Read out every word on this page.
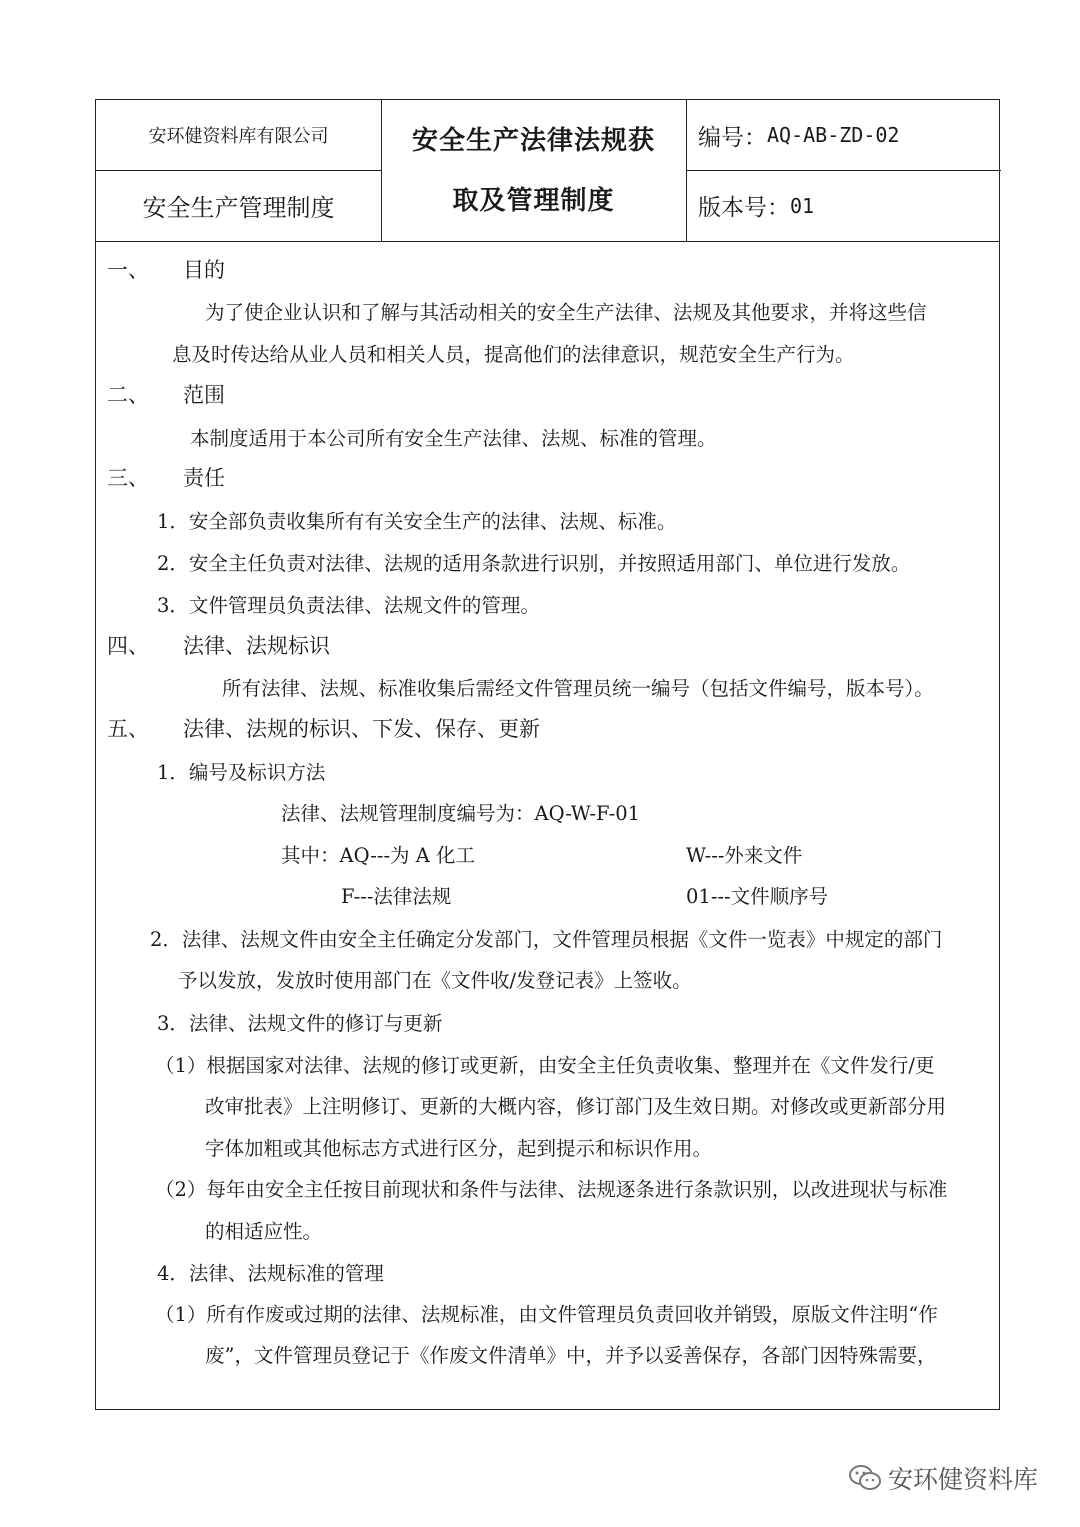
安环健资料库有限公司
安全生产管理制度
安全生产法律法规获
取及管理制度
编号： AQ-AB-ZD-02
版本号： 01
一、 目的
为了使企业认识和了解与其活动相关的安全生产法律、法规及其他要求，并将这些信
息及时传达给从业人员和相关人员，提高他们的法律意识，规范安全生产行为。
二、 范围
本制度适用于本公司所有安全生产法律、法规、标准的管理。
三、 责任
1．安全部负责收集所有有关安全生产的法律、法规、标准。
2．安全主任负责对法律、法规的适用条款进行识别，并按照适用部门、单位进行发放。
3．文件管理员负责法律、法规文件的管理。
四、 法律、法规标识
所有法律、法规、标准收集后需经文件管理员统一编号（包括文件编号，版本号）。
五、 法律、法规的标识、下发、保存、更新
1．编号及标识方法
法律、法规管理制度编号为：AQ-W-F-01
其中：AQ---为 A 化工	W---外来文件
F---法律法规	01---文件顺序号
2．法律、法规文件由安全主任确定分发部门，文件管理员根据《文件一览表》中规定的部门
予以发放，发放时使用部门在《文件收/发登记表》上签收。
3．法律、法规文件的修订与更新
（1）根据国家对法律、法规的修订或更新，由安全主任负责收集、整理并在《文件发行/更
改审批表》上注明修订、更新的大概内容，修订部门及生效日期。对修改或更新部分用
字体加粗或其他标志方式进行区分，起到提示和标识作用。
（2）每年由安全主任按目前现状和条件与法律、法规逐条进行条款识别，以改进现状与标准
的相适应性。
4．法律、法规标准的管理
（1）所有作废或过期的法律、法规标准，由文件管理员负责回收并销毁，原版文件注明“作
废”，文件管理员登记于《作废文件清单》中，并予以妥善保存，各部门因特殊需要，
安环健资料库
